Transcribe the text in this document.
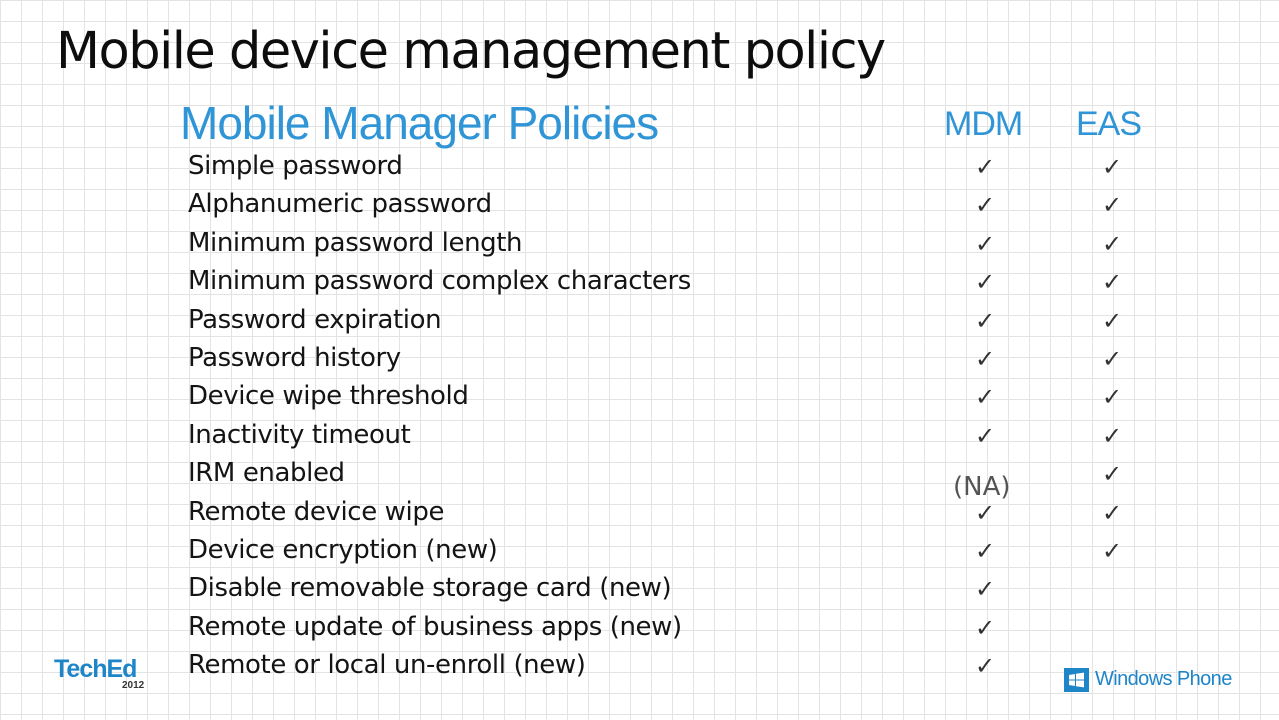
Mobile device management policy
Mobile Manager Policies	MDM EAS
Simple password	✓	✓
Alphanumeric password	✓	✓
Minimum password length	✓	✓
Minimum password complex characters	✓	✓
Password expiration	✓	✓
Password history	✓	✓
Device wipe threshold	✓	✓
Inactivity timeout	✓	✓
IRM enabled	(NA)	✓
Remote device wipe	✓	✓
Device encryption (new)	✓	✓
Disable removable storage card (new)	✓
Remote update of business apps (new)	✓
Remote or local un-enroll (new)	✓
TechEd
2012	Windows Phone
